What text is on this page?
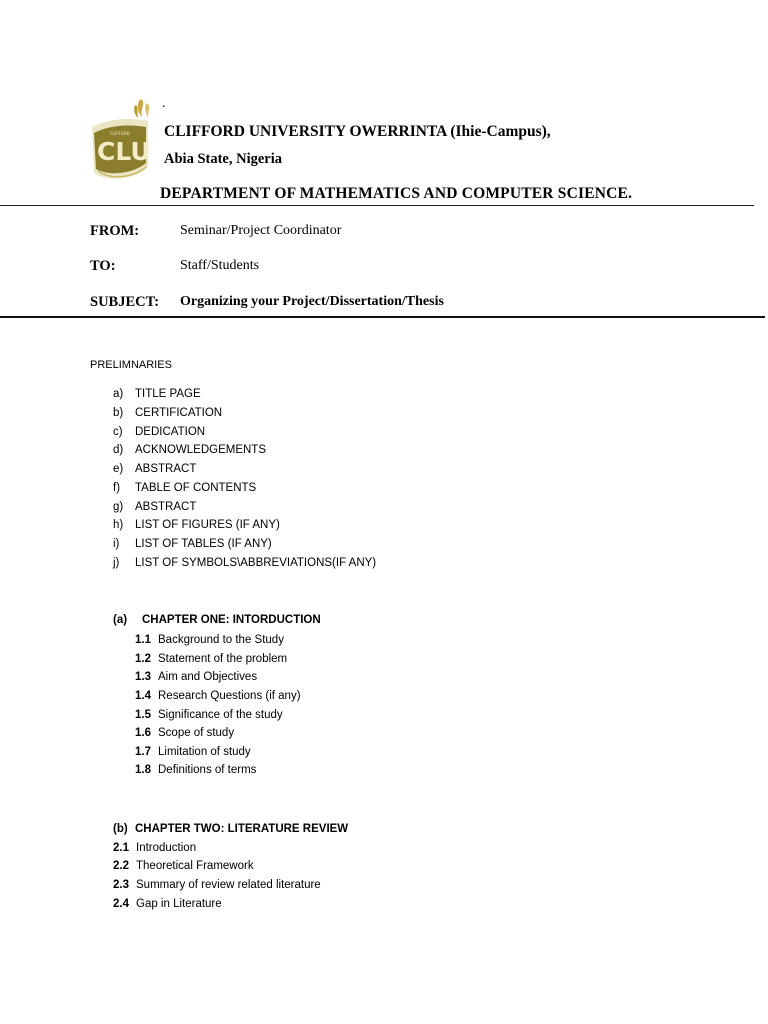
.
CLU
CLIFFORD CLIFFORD UNIVERSITY OWERRINTA (Ihie-Campus),
Abia State, Nigeria
DEPARTMENT OF MATHEMATICS AND COMPUTER SCIENCE.
FROM:	Seminar/Project Coordinator
TO:	Staff/Students
SUBJECT: Organizing your Project/Dissertation/Thesis
PRELIMNARIES
a) TITLE PAGE
b) CERTIFICATION
c) DEDICATION
d) ACKNOWLEDGEMENTS
e) ABSTRACT
f) TABLE OF CONTENTS
g) ABSTRACT
h) LIST OF FIGURES (IF ANY)
i) LIST OF TABLES (IF ANY)
j) LIST OF SYMBOLS\ABBREVIATIONS(IF ANY)
(a) CHAPTER ONE: INTORDUCTION
1.1 Background to the Study
1.2 Statement of the problem
1.3 Aim and Objectives
1.4 Research Questions (if any)
1.5 Significance of the study
1.6 Scope of study
1.7 Limitation of study
1.8 Definitions of terms
(b) CHAPTER TWO: LITERATURE REVIEW
2.1 Introduction
2.2 Theoretical Framework
2.3 Summary of review related literature
2.4 Gap in Literature
